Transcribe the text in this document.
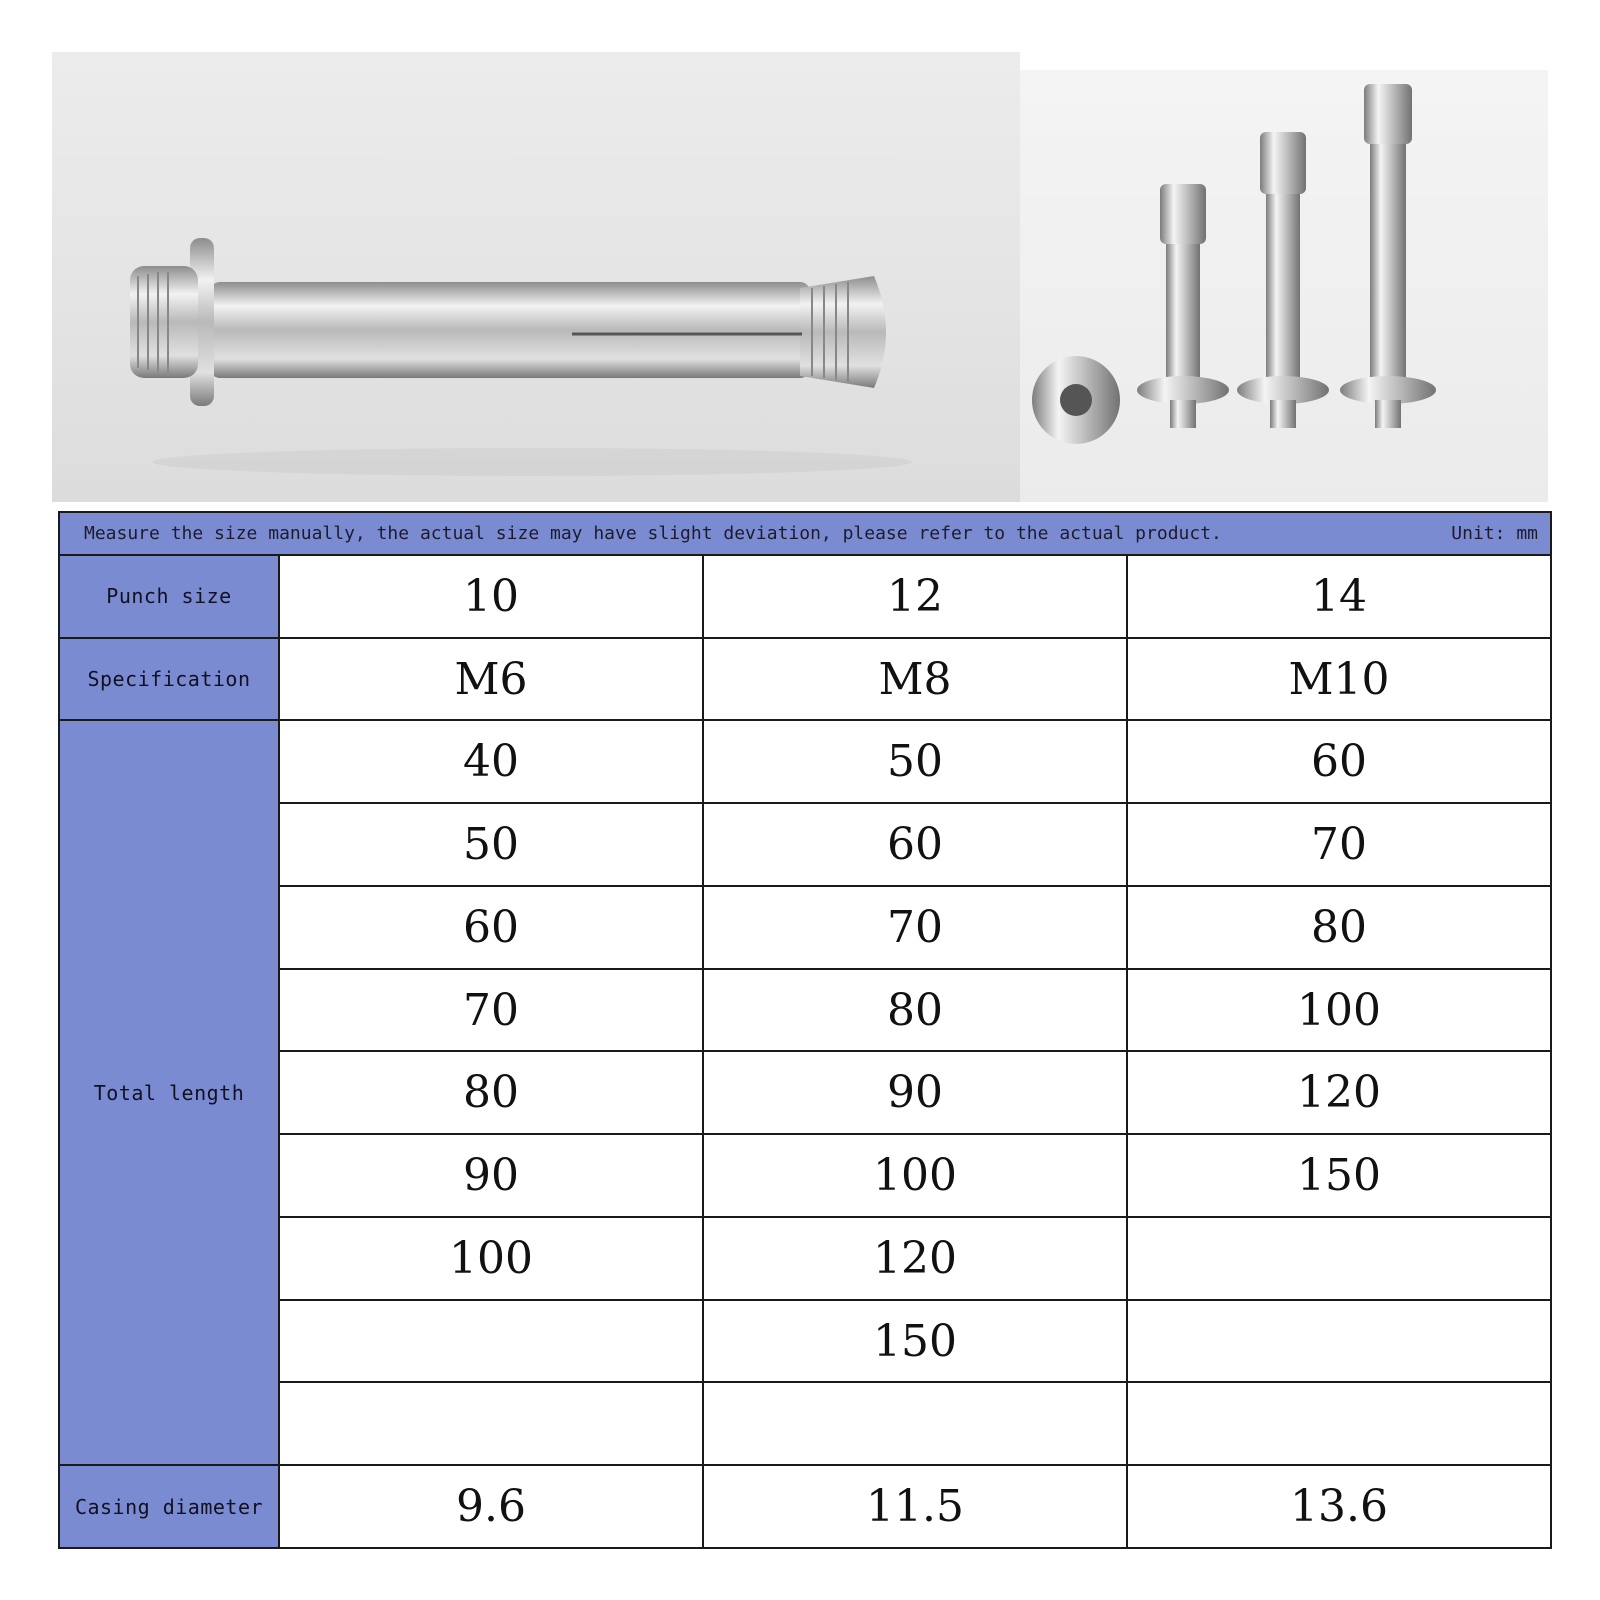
Measure the size manually, the actual size may have slight deviation, please refer to the actual product. Unit: mm			

Punch size	10	12	14
Specification	M6	M8	M10
Total length	40	50	60
	50	60	70
	60	70	80
	70	80	100
	80	90	120
	90	100	150
	100	120	
		150	

Casing diameter	9.6	11.5	13.6
